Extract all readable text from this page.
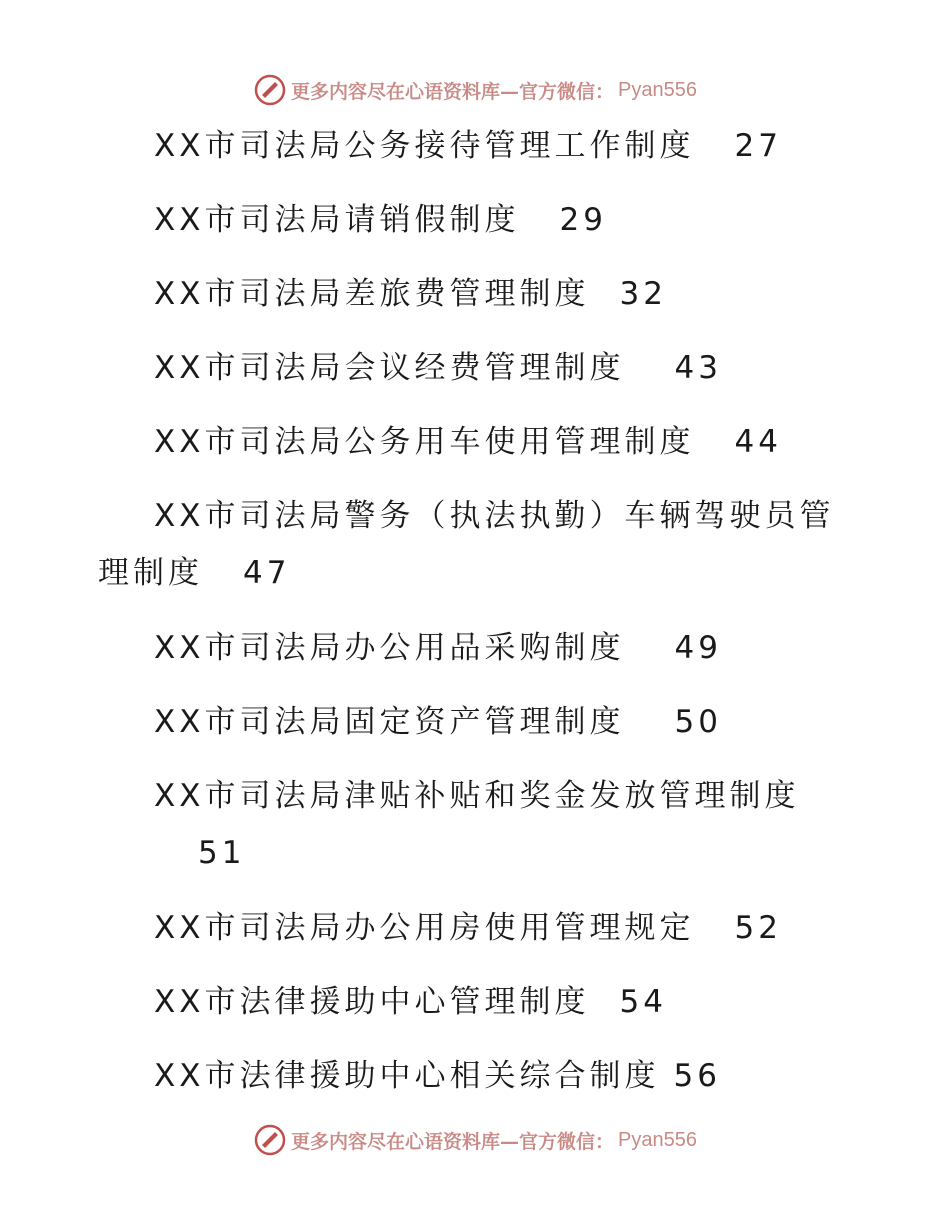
更多内容尽在心语资料库—官方微信： Pyan556
XX市司法局公务接待管理工作制度 27
XX市司法局请销假制度 29
XX市司法局差旅费管理制度 32
XX市司法局会议经费管理制度 43
XX市司法局公务用车使用管理制度 44
XX市司法局警务（执法执勤）车辆驾驶员管理制度 47
XX市司法局办公用品采购制度 49
XX市司法局固定资产管理制度 50
XX市司法局津贴补贴和奖金发放管理制度51
XX市司法局办公用房使用管理规定 52
XX市法律援助中心管理制度 54
XX市法律援助中心相关综合制度 56
更多内容尽在心语资料库—官方微信： Pyan556
